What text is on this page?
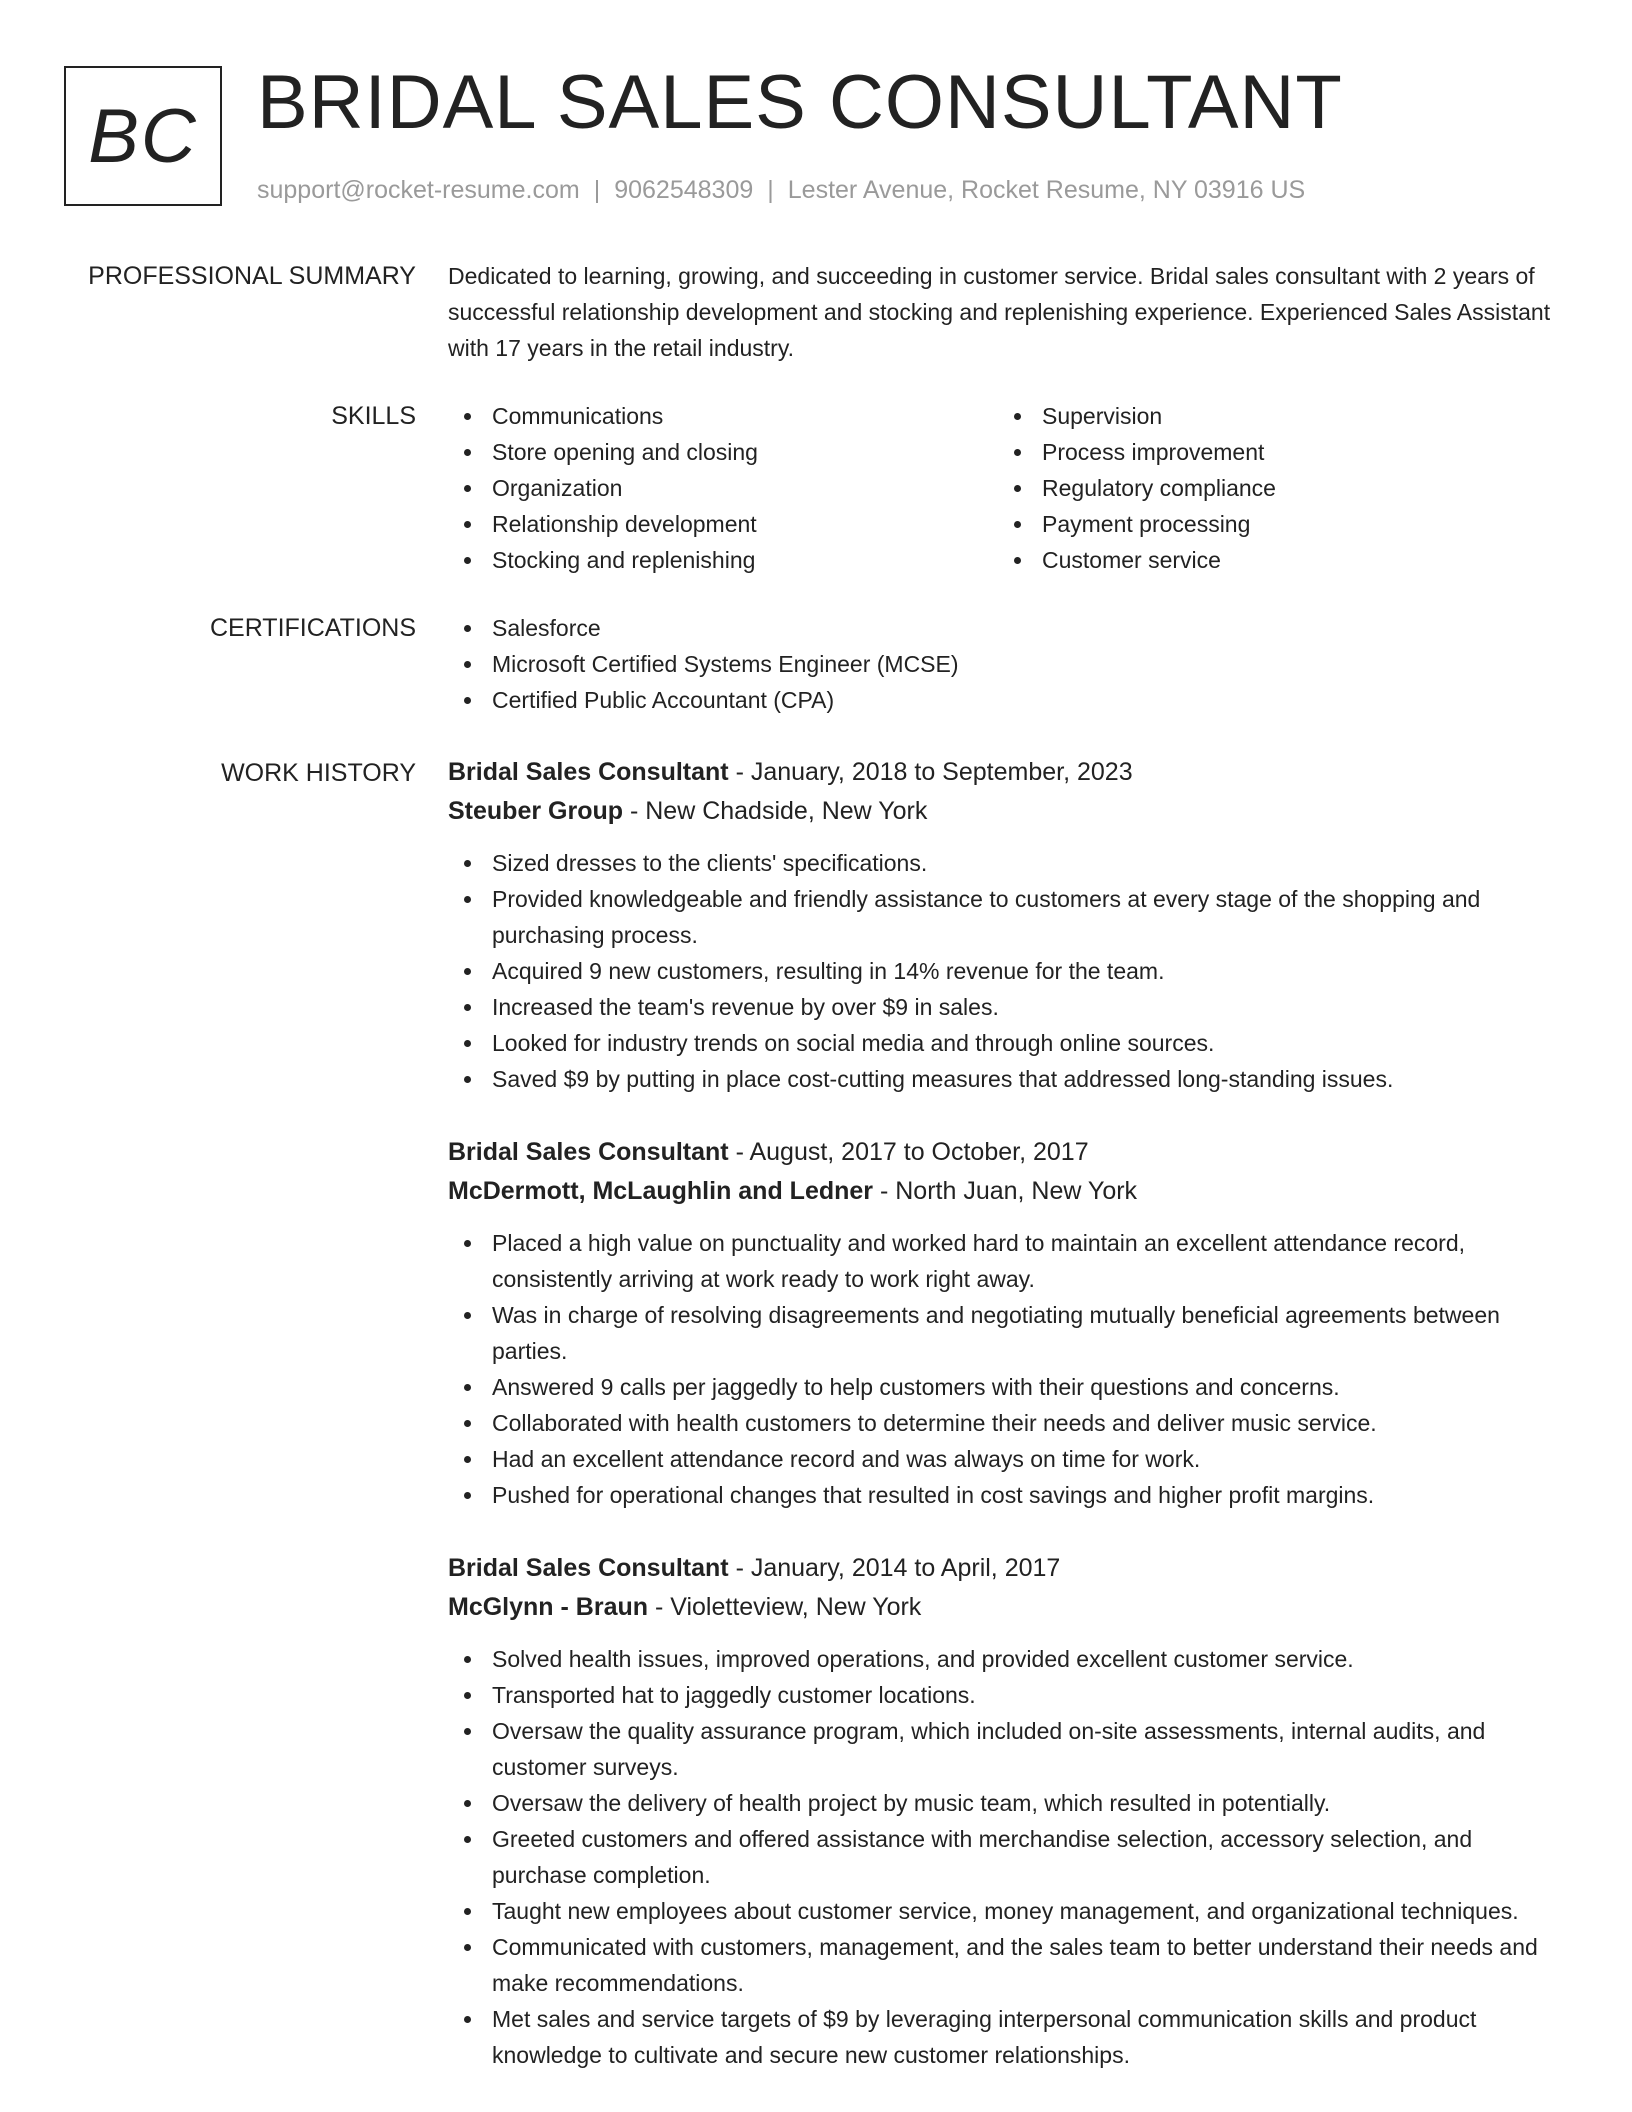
BC BRIDAL SALES CONSULTANT
support@rocket-resume.com | 9062548309 | Lester Avenue, Rocket Resume, NY 03916 US
PROFESSIONAL SUMMARY Dedicated to learning, growing, and succeeding in customer service. Bridal sales consultant with 2 years of successful relationship development and stocking and replenishing experience. Experienced Sales Assistant with 17 years in the retail industry.
SKILLS	Communications
Store opening and closing
Organization
Relationship development
Stocking and replenishing
Supervision
Process improvement
Regulatory compliance
Payment processing
Customer service
CERTIFICATIONS	Salesforce
Microsoft Certified Systems Engineer (MCSE)
Certified Public Accountant (CPA)
WORK HISTORY Bridal Sales Consultant - January, 2018 to September, 2023
Steuber Group - New Chadside, New York
Sized dresses to the clients' specifications.
Provided knowledgeable and friendly assistance to customers at every stage of the shopping and purchasing process.
Acquired 9 new customers, resulting in 14% revenue for the team.
Increased the team's revenue by over $9 in sales.
Looked for industry trends on social media and through online sources.
Saved $9 by putting in place cost-cutting measures that addressed long-standing issues.
Bridal Sales Consultant - August, 2017 to October, 2017
McDermott, McLaughlin and Ledner - North Juan, New York
Placed a high value on punctuality and worked hard to maintain an excellent attendance record, consistently arriving at work ready to work right away.
Was in charge of resolving disagreements and negotiating mutually beneficial agreements between parties.
Answered 9 calls per jaggedly to help customers with their questions and concerns.
Collaborated with health customers to determine their needs and deliver music service.
Had an excellent attendance record and was always on time for work.
Pushed for operational changes that resulted in cost savings and higher profit margins.
Bridal Sales Consultant - January, 2014 to April, 2017
McGlynn - Braun - Violetteview, New York
Solved health issues, improved operations, and provided excellent customer service.
Transported hat to jaggedly customer locations.
Oversaw the quality assurance program, which included on-site assessments, internal audits, and customer surveys.
Oversaw the delivery of health project by music team, which resulted in potentially.
Greeted customers and offered assistance with merchandise selection, accessory selection, and purchase completion.
Taught new employees about customer service, money management, and organizational techniques.
Communicated with customers, management, and the sales team to better understand their needs and make recommendations.
Met sales and service targets of $9 by leveraging interpersonal communication skills and product knowledge to cultivate and secure new customer relationships.
